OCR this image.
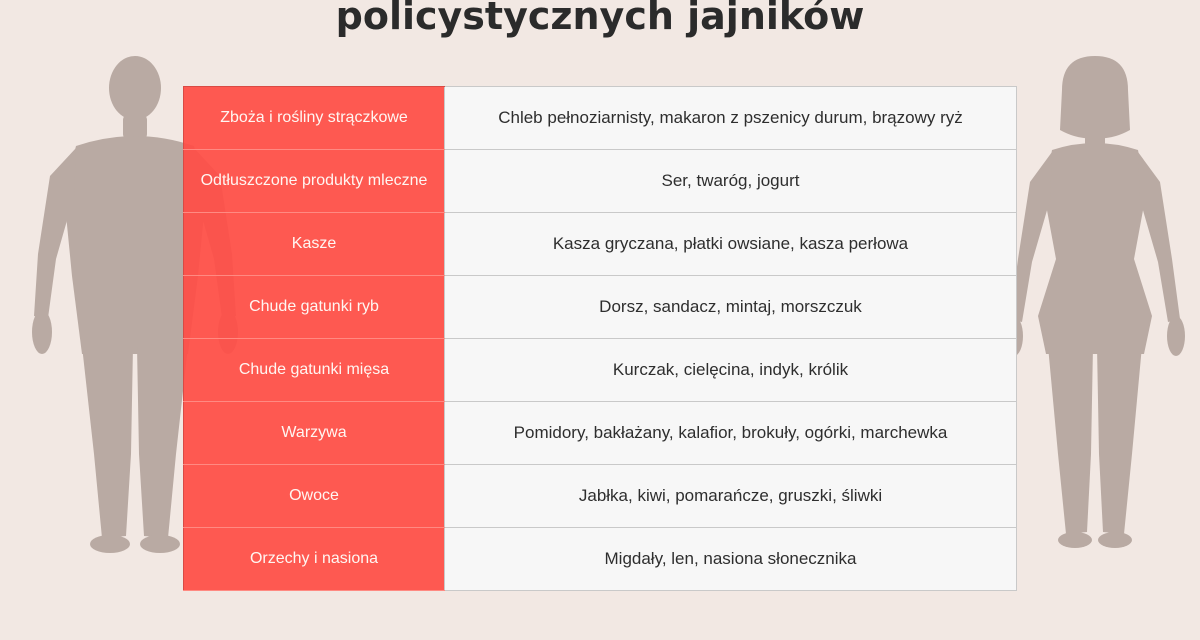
policystycznych jajników
Zboża i rośliny strączkowe	Chleb pełnoziarnisty, makaron z pszenicy durum, brązowy ryż
Odtłuszczone produkty mleczne	Ser, twaróg, jogurt
Kasze	Kasza gryczana, płatki owsiane, kasza perłowa
Chude gatunki ryb	Dorsz, sandacz, mintaj, morszczuk
Chude gatunki mięsa	Kurczak, cielęcina, indyk, królik
Warzywa	Pomidory, bakłażany, kalafior, brokuły, ogórki, marchewka
Owoce	Jabłka, kiwi, pomarańcze, gruszki, śliwki
Orzechy i nasiona	Migdały, len, nasiona słonecznika
